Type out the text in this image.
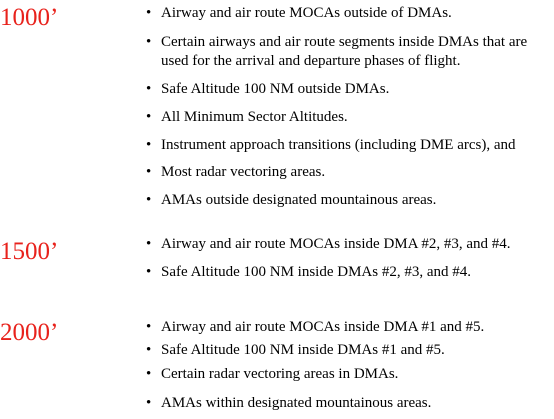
1000’	• Airway and air route MOCAs outside of DMAs.
• Certain airways and air route segments inside DMAs that are used for the arrival and departure phases of flight.
• Safe Altitude 100 NM outside DMAs.
• All Minimum Sector Altitudes.
• Instrument approach transitions (including DME arcs), and
• Most radar vectoring areas.
• AMAs outside designated mountainous areas.
1500’	• Airway and air route MOCAs inside DMA #2, #3, and #4.
• Safe Altitude 100 NM inside DMAs #2, #3, and #4.
2000’	• Airway and air route MOCAs inside DMA #1 and #5.
• Safe Altitude 100 NM inside DMAs #1 and #5.
• Certain radar vectoring areas in DMAs.
• AMAs within designated mountainous areas.
